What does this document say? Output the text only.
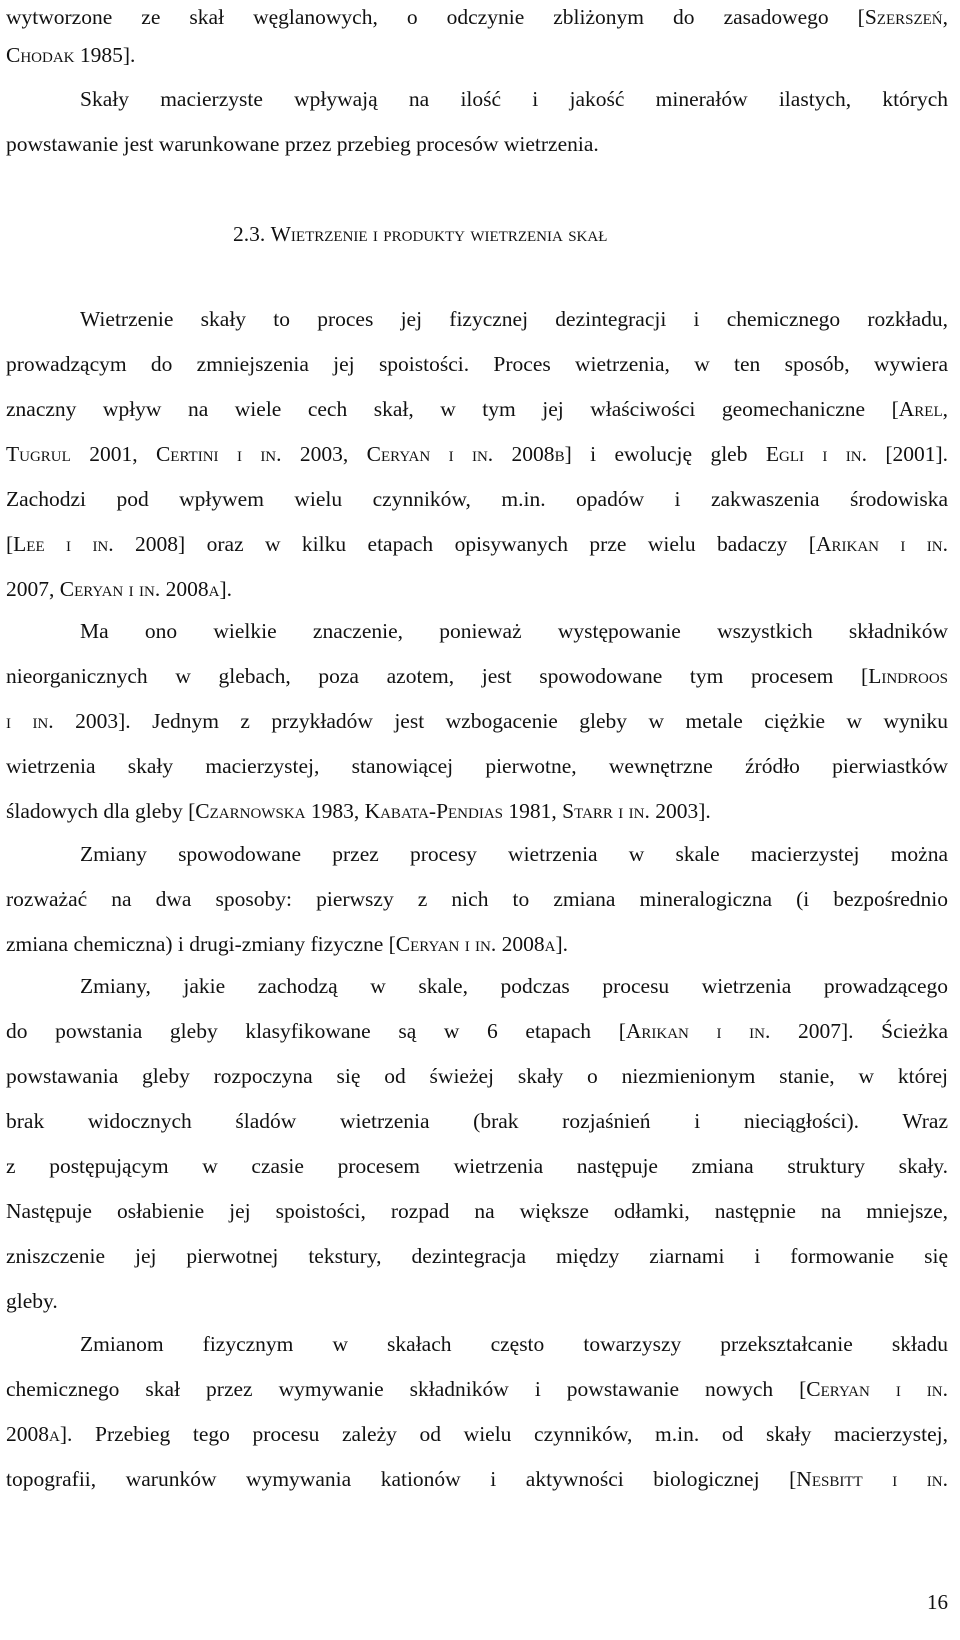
wytworzone ze skał węglanowych, o odczynie zbliżonym do zasadowego [Szerszeń,
Chodak 1985].
Skały macierzyste wpływają na ilość i jakość minerałów ilastych, których
powstawanie jest warunkowane przez przebieg procesów wietrzenia.
2.3. Wietrzenie i produkty wietrzenia skał
Wietrzenie skały to proces jej fizycznej dezintegracji i chemicznego rozkładu,
prowadzącym do zmniejszenia jej spoistości. Proces wietrzenia, w ten sposób, wywiera
znaczny wpływ na wiele cech skał, w tym jej właściwości geomechaniczne [Arel,
Tugrul 2001, Certini i in. 2003, Ceryan i in. 2008b] i ewolucję gleb Egli i in. [2001].
Zachodzi pod wpływem wielu czynników, m.in. opadów i zakwaszenia środowiska
[Lee i in. 2008] oraz w kilku etapach opisywanych prze wielu badaczy [Arikan i in.
2007, Ceryan i in. 2008a].
Ma ono wielkie znaczenie, ponieważ występowanie wszystkich składników
nieorganicznych w glebach, poza azotem, jest spowodowane tym procesem [Lindroos
i in. 2003]. Jednym z przykładów jest wzbogacenie gleby w metale ciężkie w wyniku
wietrzenia skały macierzystej, stanowiącej pierwotne, wewnętrzne źródło pierwiastków
śladowych dla gleby [Czarnowska 1983, Kabata-Pendias 1981, Starr i in. 2003].
Zmiany spowodowane przez procesy wietrzenia w skale macierzystej można
rozważać na dwa sposoby: pierwszy z nich to zmiana mineralogiczna (i bezpośrednio
zmiana chemiczna) i drugi-zmiany fizyczne [Ceryan i in. 2008a].
Zmiany, jakie zachodzą w skale, podczas procesu wietrzenia prowadzącego
do powstania gleby klasyfikowane są w 6 etapach [Arikan i in. 2007]. Ścieżka
powstawania gleby rozpoczyna się od świeżej skały o niezmienionym stanie, w której
brak widocznych śladów wietrzenia (brak rozjaśnień i nieciągłości). Wraz
z postępującym w czasie procesem wietrzenia następuje zmiana struktury skały.
Następuje osłabienie jej spoistości, rozpad na większe odłamki, następnie na mniejsze,
zniszczenie jej pierwotnej tekstury, dezintegracja między ziarnami i formowanie się
gleby.
Zmianom fizycznym w skałach często towarzyszy przekształcanie składu
chemicznego skał przez wymywanie składników i powstawanie nowych [Ceryan i in.
2008a]. Przebieg tego procesu zależy od wielu czynników, m.in. od skały macierzystej,
topografii, warunków wymywania kationów i aktywności biologicznej [Nesbitt i in.
16
